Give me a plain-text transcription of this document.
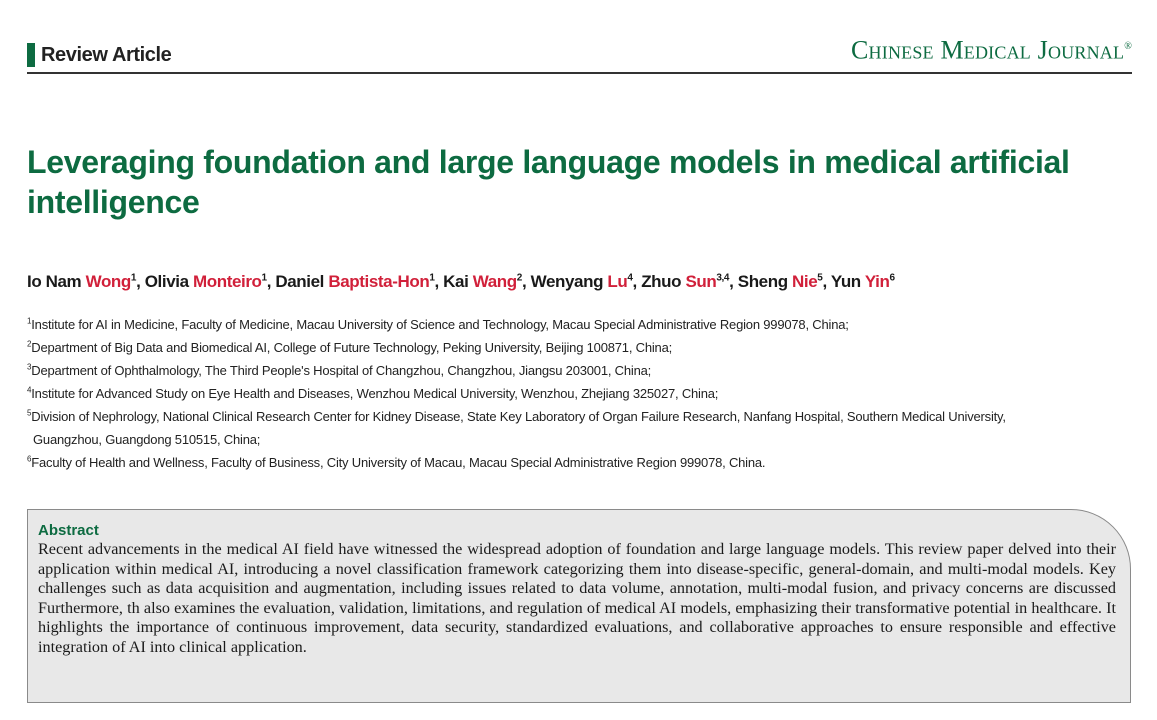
Review Article	Chinese Medical Journal®
Leveraging foundation and large language models in medical artificial intelligence

Io Nam Wong$^1$, Olivia Monteiro$^1$, Daniel Baptista-Hon$^1$, Kai Wang$^2$, Wenyang Lu$^4$, Zhuo Sun$^{3,4}$, Sheng Nie$^5$, Yun Yin$^6$

$^1$Institute for AI in Medicine, Faculty of Medicine, Macau University of Science and Technology, Macau Special Administrative Region 999078, China;
$^2$Department of Big Data and Biomedical AI, College of Future Technology, Peking University, Beijing 100871, China;
$^3$Department of Ophthalmology, The Third People's Hospital of Changzhou, Changzhou, Jiangsu 203001, China;
$^4$Institute for Advanced Study on Eye Health and Diseases, Wenzhou Medical University, Wenzhou, Zhejiang 325027, China;
$^5$Division of Nephrology, National Clinical Research Center for Kidney Disease, State Key Laboratory of Organ Failure Research, Nanfang Hospital, Southern Medical University,
Guangzhou, Guangdong 510515, China;
$^6$Faculty of Health and Wellness, Faculty of Business, City University of Macau, Macau Special Administrative Region 999078, China.
Abstract

Recent advancements in the medical AI field have witnessed the widespread adoption of foundation and large language models. This review paper delved into their application within medical AI, introducing a novel classification framework categorizing them into disease-specific, general-domain, and multi-modal models. Key challenges such as data acquisition and augmentation, including issues related to data volume, annotation, multi-modal fusion, and privacy concerns are discussed Furthermore, th also examines the evaluation, validation, limitations, and regulation of medical AI models, emphasizing their transformative potential in healthcare. It highlights the importance of continuous improvement, data security, standardized evaluations, and collaborative approaches to ensure responsible and effective integration of AI into clinical application.
